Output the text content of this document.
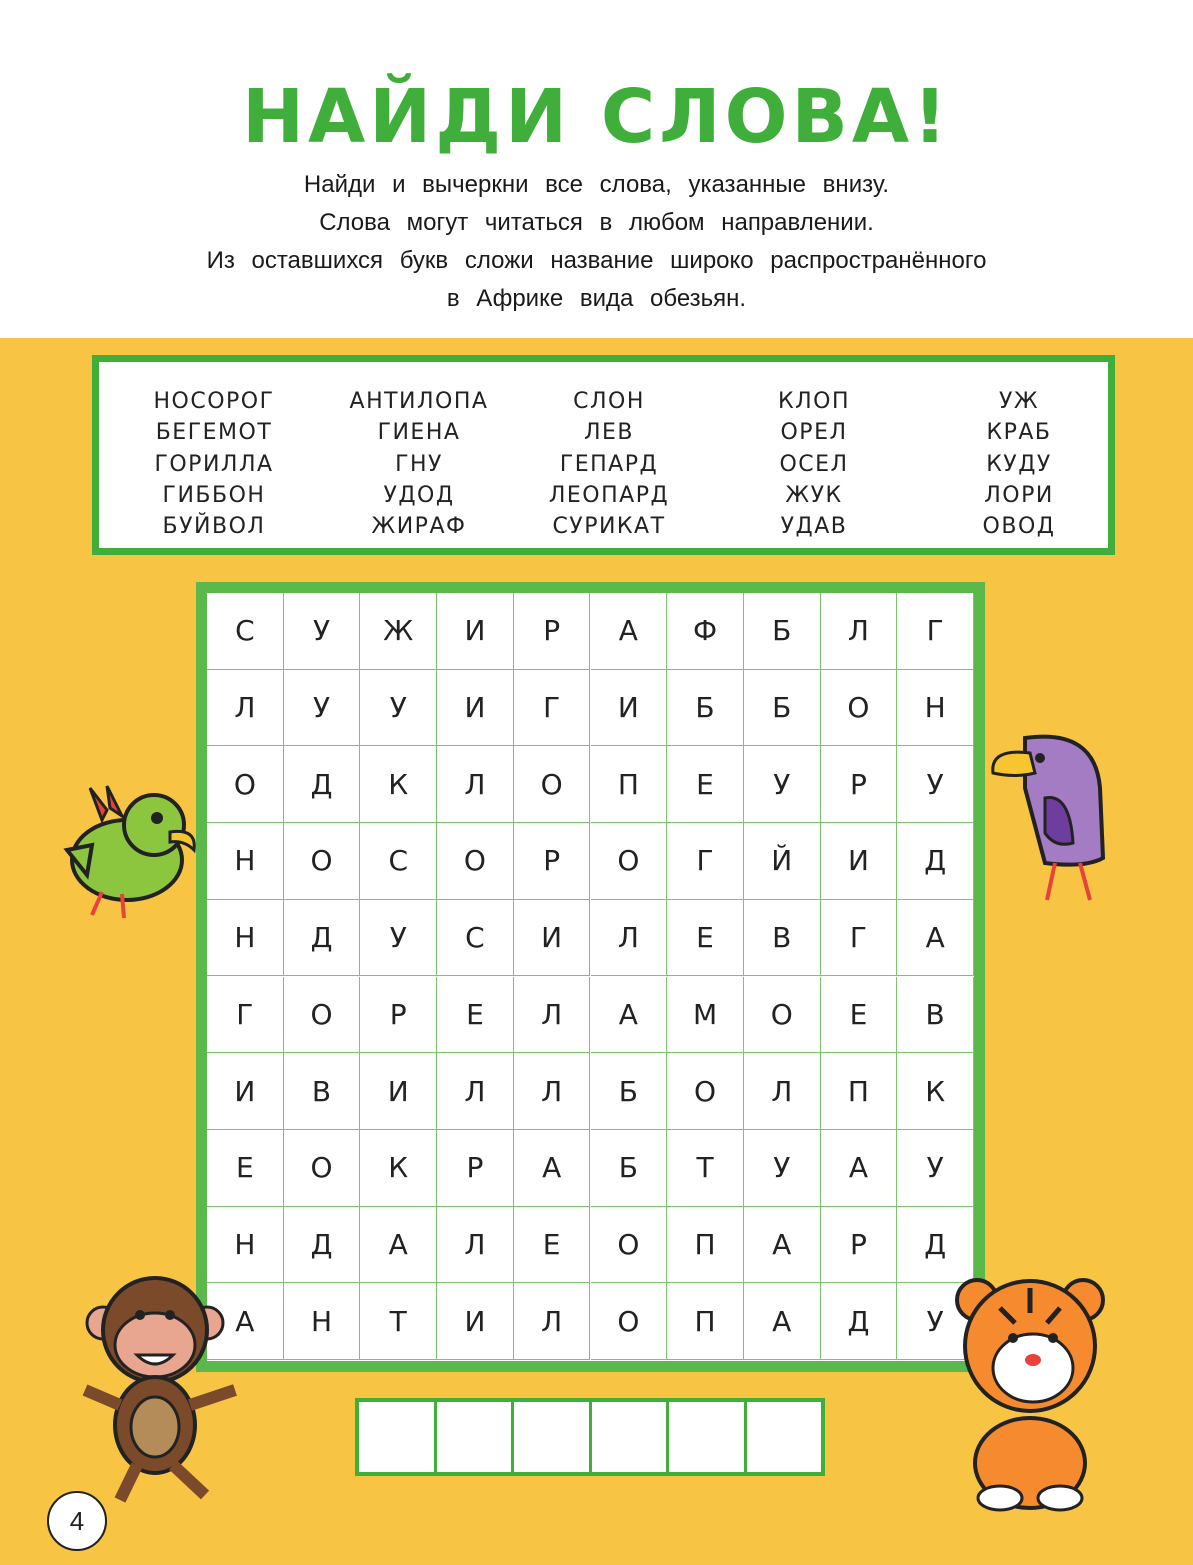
НАЙДИ СЛОВА!
Найди и вычеркни все слова, указанные внизу.
Слова могут читаться в любом направлении.
Из оставшихся букв сложи название широко распространённого
в Африке вида обезьян.
НОСОРОГ
БЕГЕМОТ
ГОРИЛЛА
ГИББОН
БУЙВОЛ
АНТИЛОПА
ГИЕНА
ГНУ
УДОД
ЖИРАФ
СЛОН
ЛЕВ
ГЕПАРД
ЛЕОПАРД
СУРИКАТ
КЛОП
ОРЕЛ
ОСЕЛ
ЖУК
УДАВ
УЖ
КРАБ
КУДУ
ЛОРИ
ОВОД
С	У	Ж	И	Р	А	Ф	Б	Л	Г
Л	У	У	И	Г	И	Б	Б	О	Н
О	Д	К	Л	О	П	Е	У	Р	У
Н	О	С	О	Р	О	Г	Й	И	Д
Н	Д	У	С	И	Л	Е	В	Г	А
Г	О	Р	Е	Л	А	М	О	Е	В
И	В	И	Л	Л	Б	О	Л	П	К
Е	О	К	Р	А	Б	Т	У	А	У
Н	Д	А	Л	Е	О	П	А	Р	Д
А	Н	Т	И	Л	О	П	А	Д	У
4
